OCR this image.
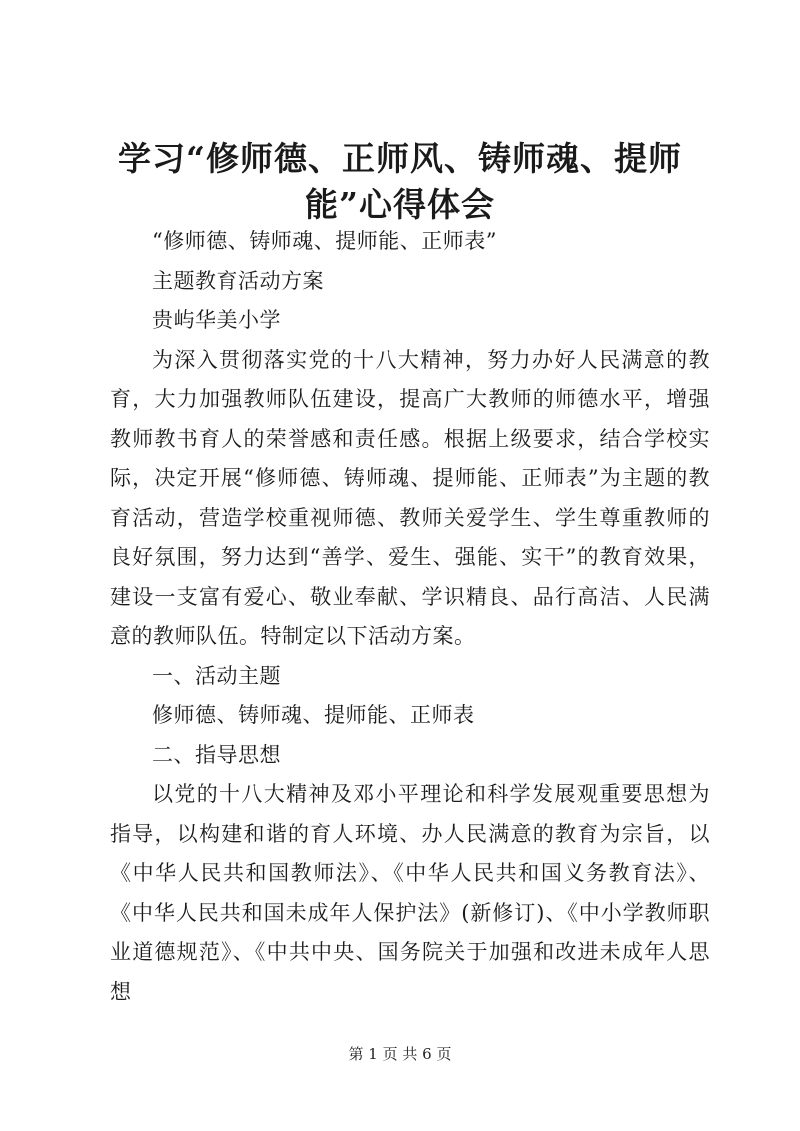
学习“修师德、正师风、铸师魂、提师能”心得体会

“修师德、铸师魂、提师能、正师表”

主题教育活动方案

贵屿华美小学

为深入贯彻落实党的十八大精神，努力办好人民满意的教育，大力加强教师队伍建设，提高广大教师的师德水平，增强教师教书育人的荣誉感和责任感。根据上级要求，结合学校实际，决定开展“修师德、铸师魂、提师能、正师表”为主题的教育活动，营造学校重视师德、教师关爱学生、学生尊重教师的良好氛围，努力达到“善学、爱生、强能、实干”的教育效果，建设一支富有爱心、敬业奉献、学识精良、品行高洁、人民满意的教师队伍。特制定以下活动方案。

一、活动主题

修师德、铸师魂、提师能、正师表

二、指导思想

以党的十八大精神及邓小平理论和科学发展观重要思想为指导，以构建和谐的育人环境、办人民满意的教育为宗旨，以《中华人民共和国教师法》、《中华人民共和国义务教育法》、《中华人民共和国未成年人保护法》(新修订)、《中小学教师职业道德规范》、《中共中央、国务院关于加强和改进未成年人思想

第 1 页 共 6 页
